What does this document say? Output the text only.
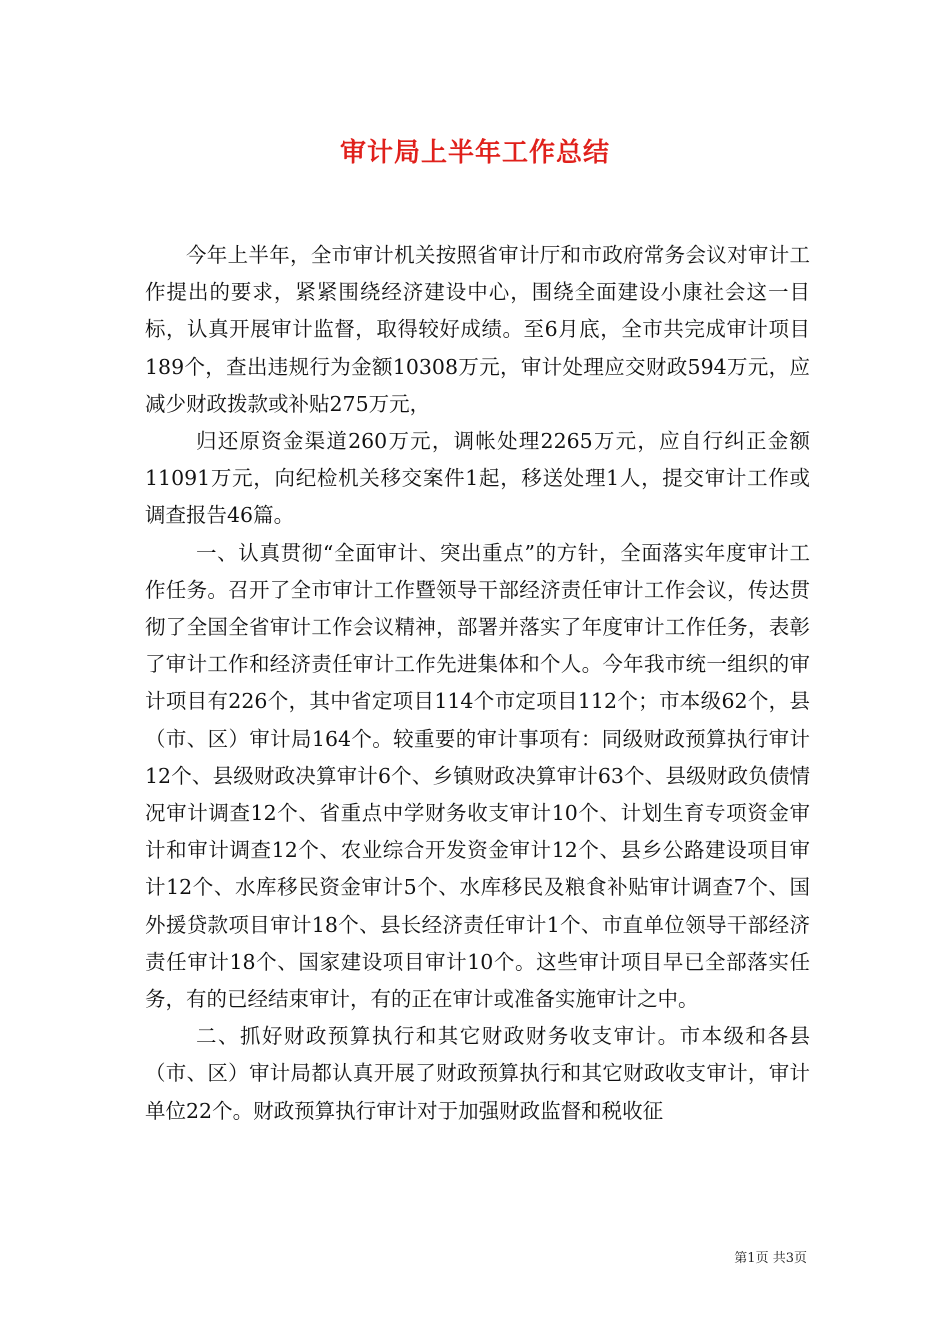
审计局上半年工作总结

今年上半年，全市审计机关按照省审计厅和市政府常务会议对审计工作提出的要求，紧紧围绕经济建设中心，围绕全面建设小康社会这一目标，认真开展审计监督，取得较好成绩。至6月底，全市共完成审计项目189个，查出违规行为金额10308万元，审计处理应交财政594万元，应减少财政拨款或补贴275万元，

归还原资金渠道260万元，调帐处理2265万元，应自行纠正金额11091万元，向纪检机关移交案件1起，移送处理1人，提交审计工作或调查报告46篇。

一、认真贯彻“全面审计、突出重点”的方针，全面落实年度审计工作任务。召开了全市审计工作暨领导干部经济责任审计工作会议，传达贯彻了全国全省审计工作会议精神，部署并落实了年度审计工作任务，表彰了审计工作和经济责任审计工作先进集体和个人。今年我市统一组织的审计项目有226个，其中省定项目114个市定项目112个；市本级62个，县（市、区）审计局164个。较重要的审计事项有：同级财政预算执行审计12个、县级财政决算审计6个、乡镇财政决算审计63个、县级财政负债情况审计调查12个、省重点中学财务收支审计10个、计划生育专项资金审计和审计调查12个、农业综合开发资金审计12个、县乡公路建设项目审计12个、水库移民资金审计5个、水库移民及粮食补贴审计调查7个、国外援贷款项目审计18个、县长经济责任审计1个、市直单位领导干部经济责任审计18个、国家建设项目审计10个。这些审计项目早已全部落实任务，有的已经结束审计，有的正在审计或准备实施审计之中。

二、抓好财政预算执行和其它财政财务收支审计。市本级和各县（市、区）审计局都认真开展了财政预算执行和其它财政收支审计，审计单位22个。财政预算执行审计对于加强财政监督和税收征

第1页 共3页
